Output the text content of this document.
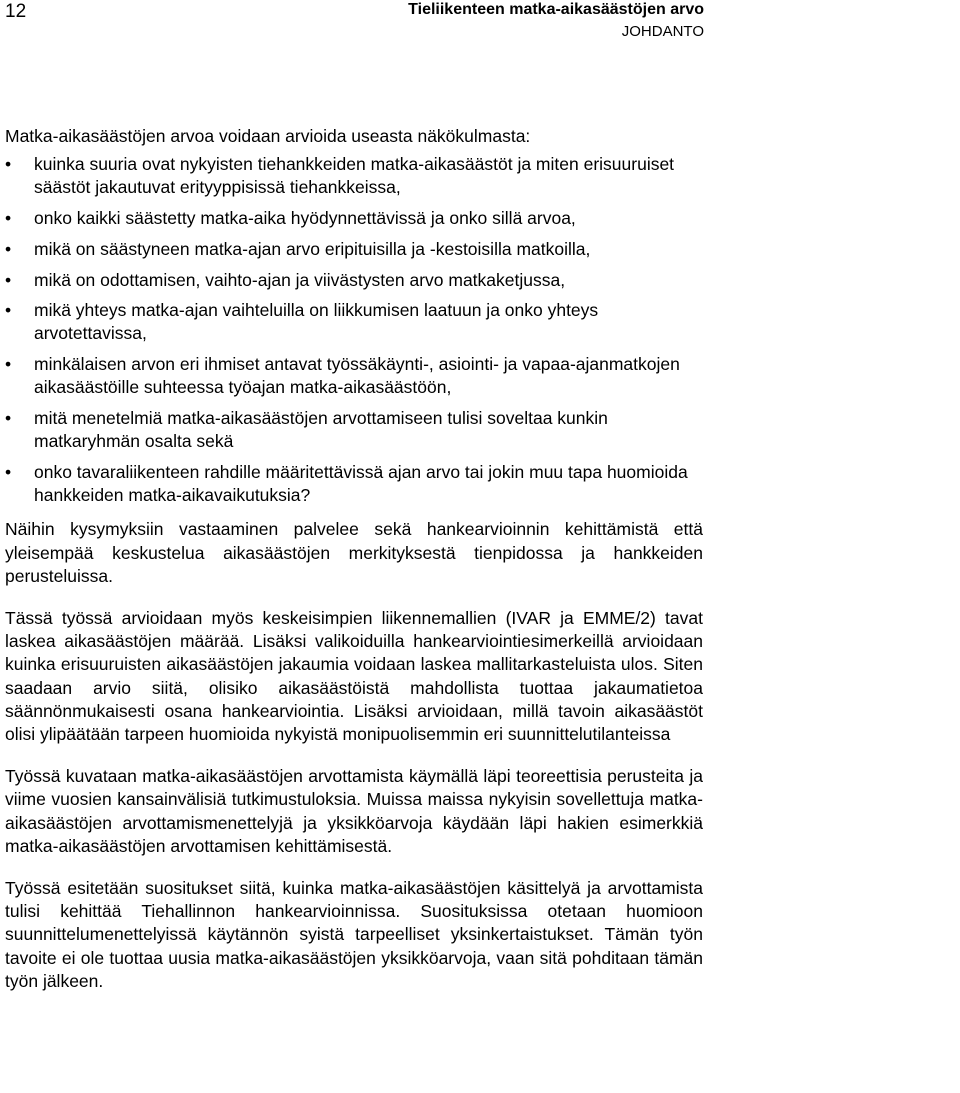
12	Tieliikenteen matka-aikasäästöjen arvo
JOHDANTO

Matka-aikasäästöjen arvoa voidaan arvioida useasta näkökulmasta:

• kuinka suuria ovat nykyisten tiehankkeiden matka-aikasäästöt ja miten erisuuruiset säästöt jakautuvat erityyppisissä tiehankkeissa,
• onko kaikki säästetty matka-aika hyödynnettävissä ja onko sillä arvoa,
• mikä on säästyneen matka-ajan arvo eripituisilla ja -kestoisilla matkoilla,
• mikä on odottamisen, vaihto-ajan ja viivästysten arvo matkaketjussa,
• mikä yhteys matka-ajan vaihteluilla on liikkumisen laatuun ja onko yhteys arvotettavissa,
• minkälaisen arvon eri ihmiset antavat työssäkäynti-, asiointi- ja vapaa-ajanmatkojen aikasäästöille suhteessa työajan matka-aikasäästöön,
• mitä menetelmiä matka-aikasäästöjen arvottamiseen tulisi soveltaa kunkin matkaryhmän osalta sekä
• onko tavaraliikenteen rahdille määritettävissä ajan arvo tai jokin muu tapa huomioida hankkeiden matka-aikavaikutuksia?

Näihin kysymyksiin vastaaminen palvelee sekä hankearvioinnin kehittämistä että yleisempää keskustelua aikasäästöjen merkityksestä tienpidossa ja hankkeiden perusteluissa.

Tässä työssä arvioidaan myös keskeisimpien liikennemallien (IVAR ja EMME/2) tavat laskea aikasäästöjen määrää. Lisäksi valikoiduilla hankearviointiesimerkeillä arvioidaan kuinka erisuuruisten aikasäästöjen jakaumia voidaan laskea mallitarkasteluista ulos. Siten saadaan arvio siitä, olisiko aikasäästöistä mahdollista tuottaa jakaumatietoa säännönmukaisesti osana hankearviointia. Lisäksi arvioidaan, millä tavoin aikasäästöt olisi ylipäätään tarpeen huomioida nykyistä monipuolisemmin eri suunnittelutilanteissa

Työssä kuvataan matka-aikasäästöjen arvottamista käymällä läpi teoreettisia perusteita ja viime vuosien kansainvälisiä tutkimustuloksia. Muissa maissa nykyisin sovellettuja matka-aikasäästöjen arvottamismenettelyjä ja yksikköarvoja käydään läpi hakien esimerkkiä matka-aikasäästöjen arvottamisen kehittämisestä.

Työssä esitetään suositukset siitä, kuinka matka-aikasäästöjen käsittelyä ja arvottamista tulisi kehittää Tiehallinnon hankearvioinnissa. Suosituksissa otetaan huomioon suunnittelumenettelyissä käytännön syistä tarpeelliset yksinkertaistukset. Tämän työn tavoite ei ole tuottaa uusia matka-aikasäästöjen yksikköarvoja, vaan sitä pohditaan tämän työn jälkeen.
